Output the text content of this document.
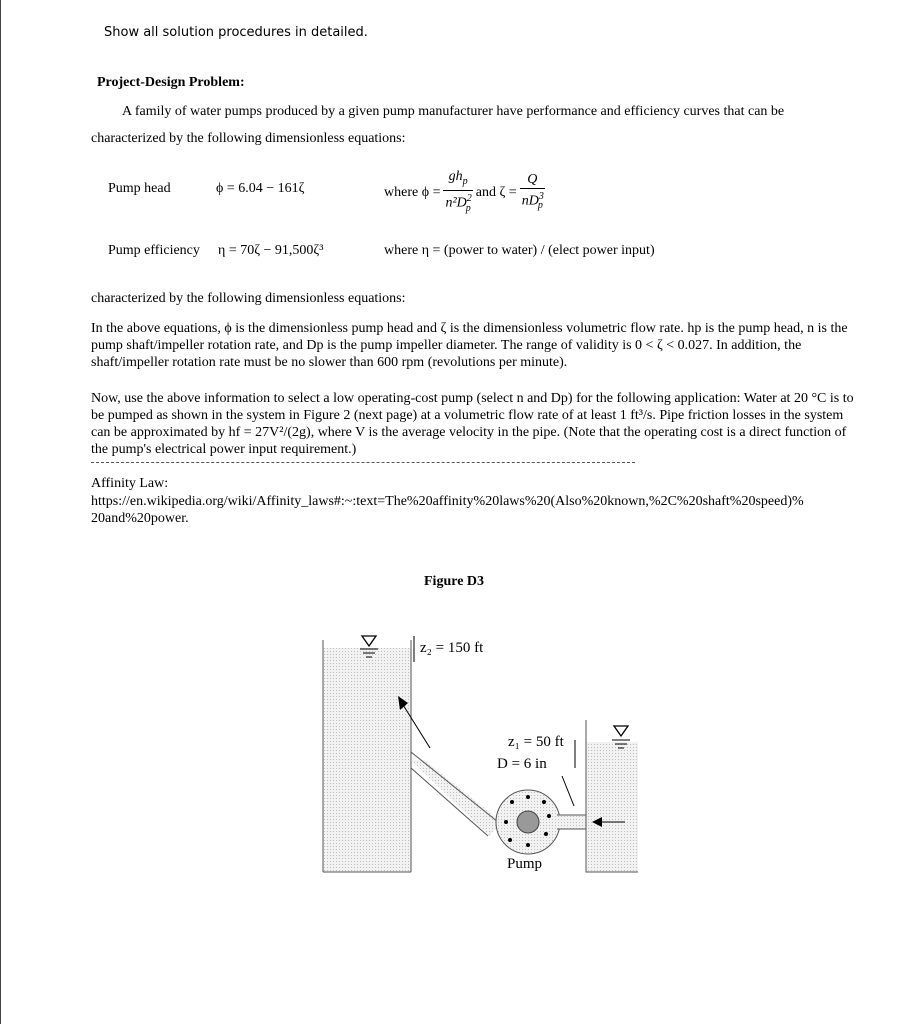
Show all solution procedures in detailed.
Project-Design Problem:
A family of water pumps produced by a given pump manufacturer have performance and efficiency curves that can be
characterized by the following dimensionless equations:
Pump head	ϕ = 6.04 − 161ζ	where $\phi = \frac{gh_p}{n^2D^2_p}$ and $\zeta = \frac{Q}{nD^3_p}$
Pump efficiency η = 70ζ − 91,500ζ³	where η = (power to water) / (elect power input)
characterized by the following dimensionless equations:
In the above equations, ϕ is the dimensionless pump head and ζ is the dimensionless volumetric flow rate. hp is the pump head, n is the pump shaft/impeller rotation rate, and Dp is the pump impeller diameter. The range of validity is 0 < ζ < 0.027. In addition, the shaft/impeller rotation rate must be no slower than 600 rpm (revolutions per minute).
Now, use the above information to select a low operating-cost pump (select n and Dp) for the following application: Water at 20 °C is to be pumped as shown in the system in Figure 2 (next page) at a volumetric flow rate of at least 1 ft³/s. Pipe friction losses in the system can be approximated by hf = 27V²/(2g), where V is the average velocity in the pipe. (Note that the operating cost is a direct function of the pump's electrical power input requirement.)
Affinity Law:
https://en.wikipedia.org/wiki/Affinity_laws#:~:text=The%20affinity%20laws%20(Also%20known,%2C%20shaft%20speed)%
20and%20power.
Figure D3
z₂ = 150 ft
z₁ = 50 ft
D = 6 in
Pump
